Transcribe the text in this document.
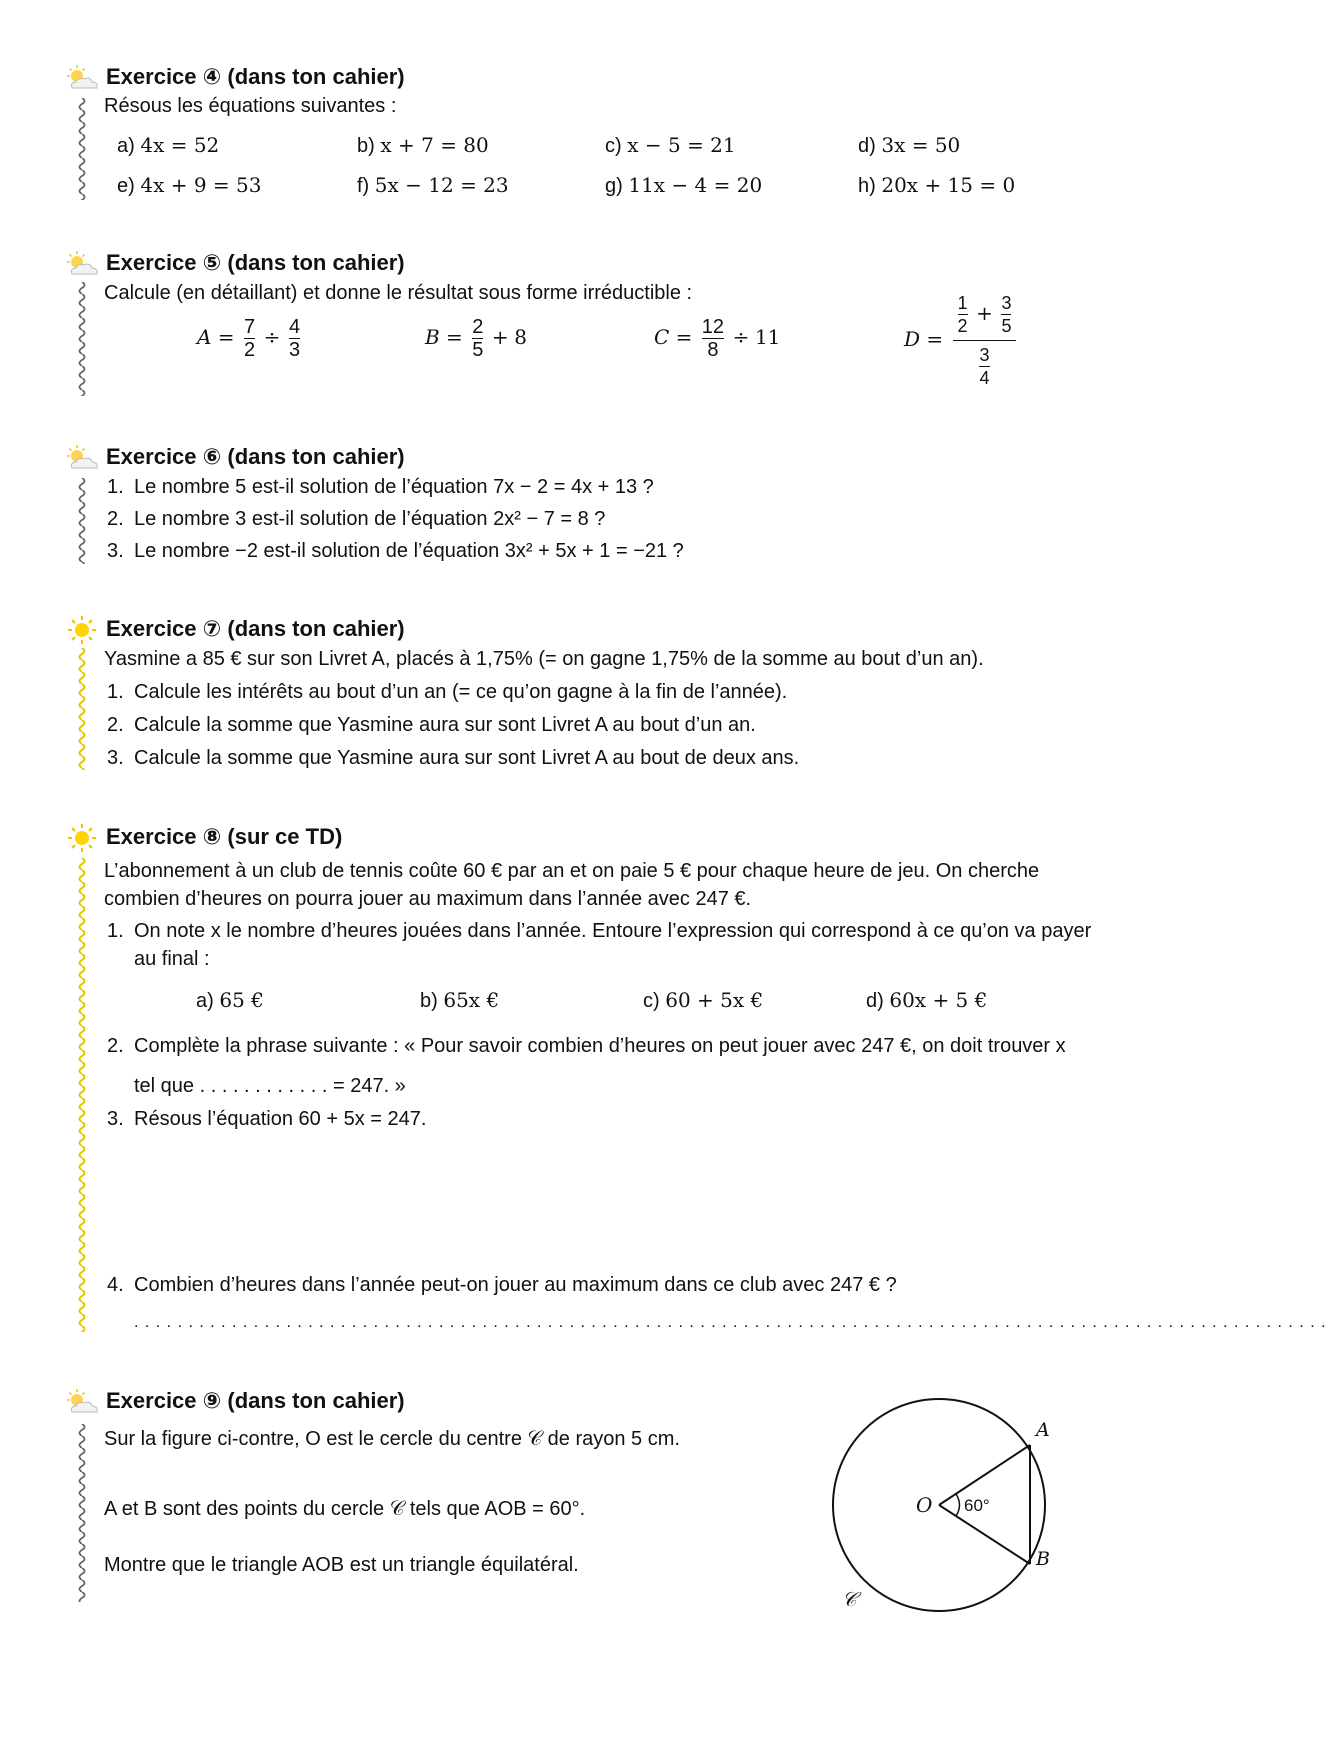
Exercice ④ (dans ton cahier)
Résous les équations suivantes :
a) 4x = 52	b) x + 7 = 80	c) x − 5 = 21	d) 3x = 50
e) 4x + 9 = 53	f) 5x − 12 = 23	g) 11x − 4 = 20	h) 20x + 15 = 0
Exercice ⑤ (dans ton cahier)
Calcule (en détaillant) et donne le résultat sous forme irréductible :
$A = \frac{7}{2} \div \frac{4}{3}$	$B = \frac{2}{5} + 8$	$C = \frac{12}{8} \div 11$	$D = \frac{\frac{1}{2} + \frac{3}{5}}{\frac{3}{4}}$
Exercice ⑥ (dans ton cahier)
1. Le nombre 5 est-il solution de l’équation 7x − 2 = 4x + 13 ?
2. Le nombre 3 est-il solution de l’équation 2x² − 7 = 8 ?
3. Le nombre −2 est-il solution de l’équation 3x² + 5x + 1 = −21 ?
Exercice ⑦ (dans ton cahier)
Yasmine a 85 € sur son Livret A, placés à 1,75% (= on gagne 1,75% de la somme au bout d’un an).
1. Calcule les intérêts au bout d’un an (= ce qu’on gagne à la fin de l’année).
2. Calcule la somme que Yasmine aura sur sont Livret A au bout d’un an.
3. Calcule la somme que Yasmine aura sur sont Livret A au bout de deux ans.
Exercice ⑧ (sur ce TD)
L’abonnement à un club de tennis coûte 60 € par an et on paie 5 € pour chaque heure de jeu. On cherche
combien d’heures on pourra jouer au maximum dans l’année avec 247 €.
1. On note x le nombre d’heures jouées dans l’année. Entoure l’expression qui correspond à ce qu’on va payer
au final :
a) 65 €	b) 65x €	c) 60 + 5x €	d) 60x + 5 €
2. Complète la phrase suivante : « Pour savoir combien d’heures on peut jouer avec 247 €, on doit trouver x
tel que . . . . . . . . . . . . = 247. »
3. Résous l’équation 60 + 5x = 247.
4. Combien d’heures dans l’année peut-on jouer au maximum dans ce club avec 247 € ?
. . . . . . . . . . . . . . . . . . . . . . . . . . . . . . . . . . . . . . . . . . . . . . . . . . . . . . . . . . . . . . . . . . . . . . . . . . . . . . . . . . . . . . . . . . . . . . . . . . . . . . . . . . . . . .
Exercice ⑨ (dans ton cahier)
Sur la figure ci-contre, O est le cercle du centre 𝒞 de rayon 5 cm.
A et B sont des points du cercle 𝒞 tels que AOB = 60°.
Montre que le triangle AOB est un triangle équilatéral.
O
A
B
𝒞
60°
